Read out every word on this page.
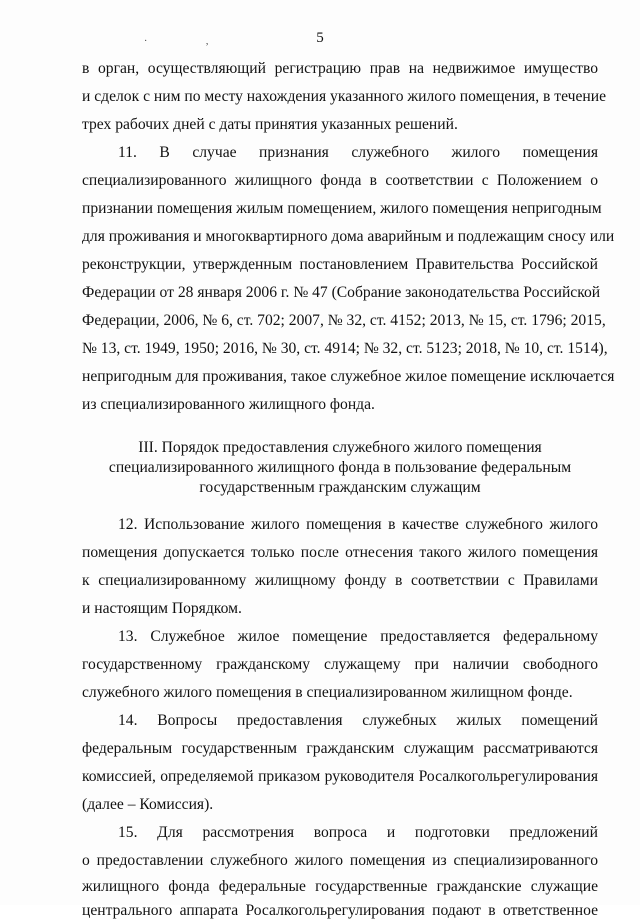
· ,	5
в орган, осуществляющий регистрацию прав на недвижимое имущество
и сделок с ним по месту нахождения указанного жилого помещения, в течение
трех рабочих дней с даты принятия указанных решений.
11. В случае признания служебного жилого помещения
специализированного жилищного фонда в соответствии с Положением о
признании помещения жилым помещением, жилого помещения непригодным
для проживания и многоквартирного дома аварийным и подлежащим сносу или
реконструкции, утвержденным постановлением Правительства Российской
Федерации от 28 января 2006 г. № 47 (Собрание законодательства Российской
Федерации, 2006, № 6, ст. 702; 2007, № 32, ст. 4152; 2013, № 15, ст. 1796; 2015,
№ 13, ст. 1949, 1950; 2016, № 30, ст. 4914; № 32, ст. 5123; 2018, № 10, ст. 1514),
непригодным для проживания, такое служебное жилое помещение исключается
из специализированного жилищного фонда.
III. Порядок предоставления служебного жилого помещения
специализированного жилищного фонда в пользование федеральным
государственным гражданским служащим
12. Использование жилого помещения в качестве служебного жилого
помещения допускается только после отнесения такого жилого помещения
к специализированному жилищному фонду в соответствии с Правилами
и настоящим Порядком.
13. Служебное жилое помещение предоставляется федеральному
государственному гражданскому служащему при наличии свободного
служебного жилого помещения в специализированном жилищном фонде.
14. Вопросы предоставления служебных жилых помещений
федеральным государственным гражданским служащим рассматриваются
комиссией, определяемой приказом руководителя Росалкогольрегулирования
(далее – Комиссия).
15. Для рассмотрения вопроса и подготовки предложений
о предоставлении служебного жилого помещения из специализированного
жилищного фонда федеральные государственные гражданские служащие
центрального аппарата Росалкогольрегулирования подают в ответственное
